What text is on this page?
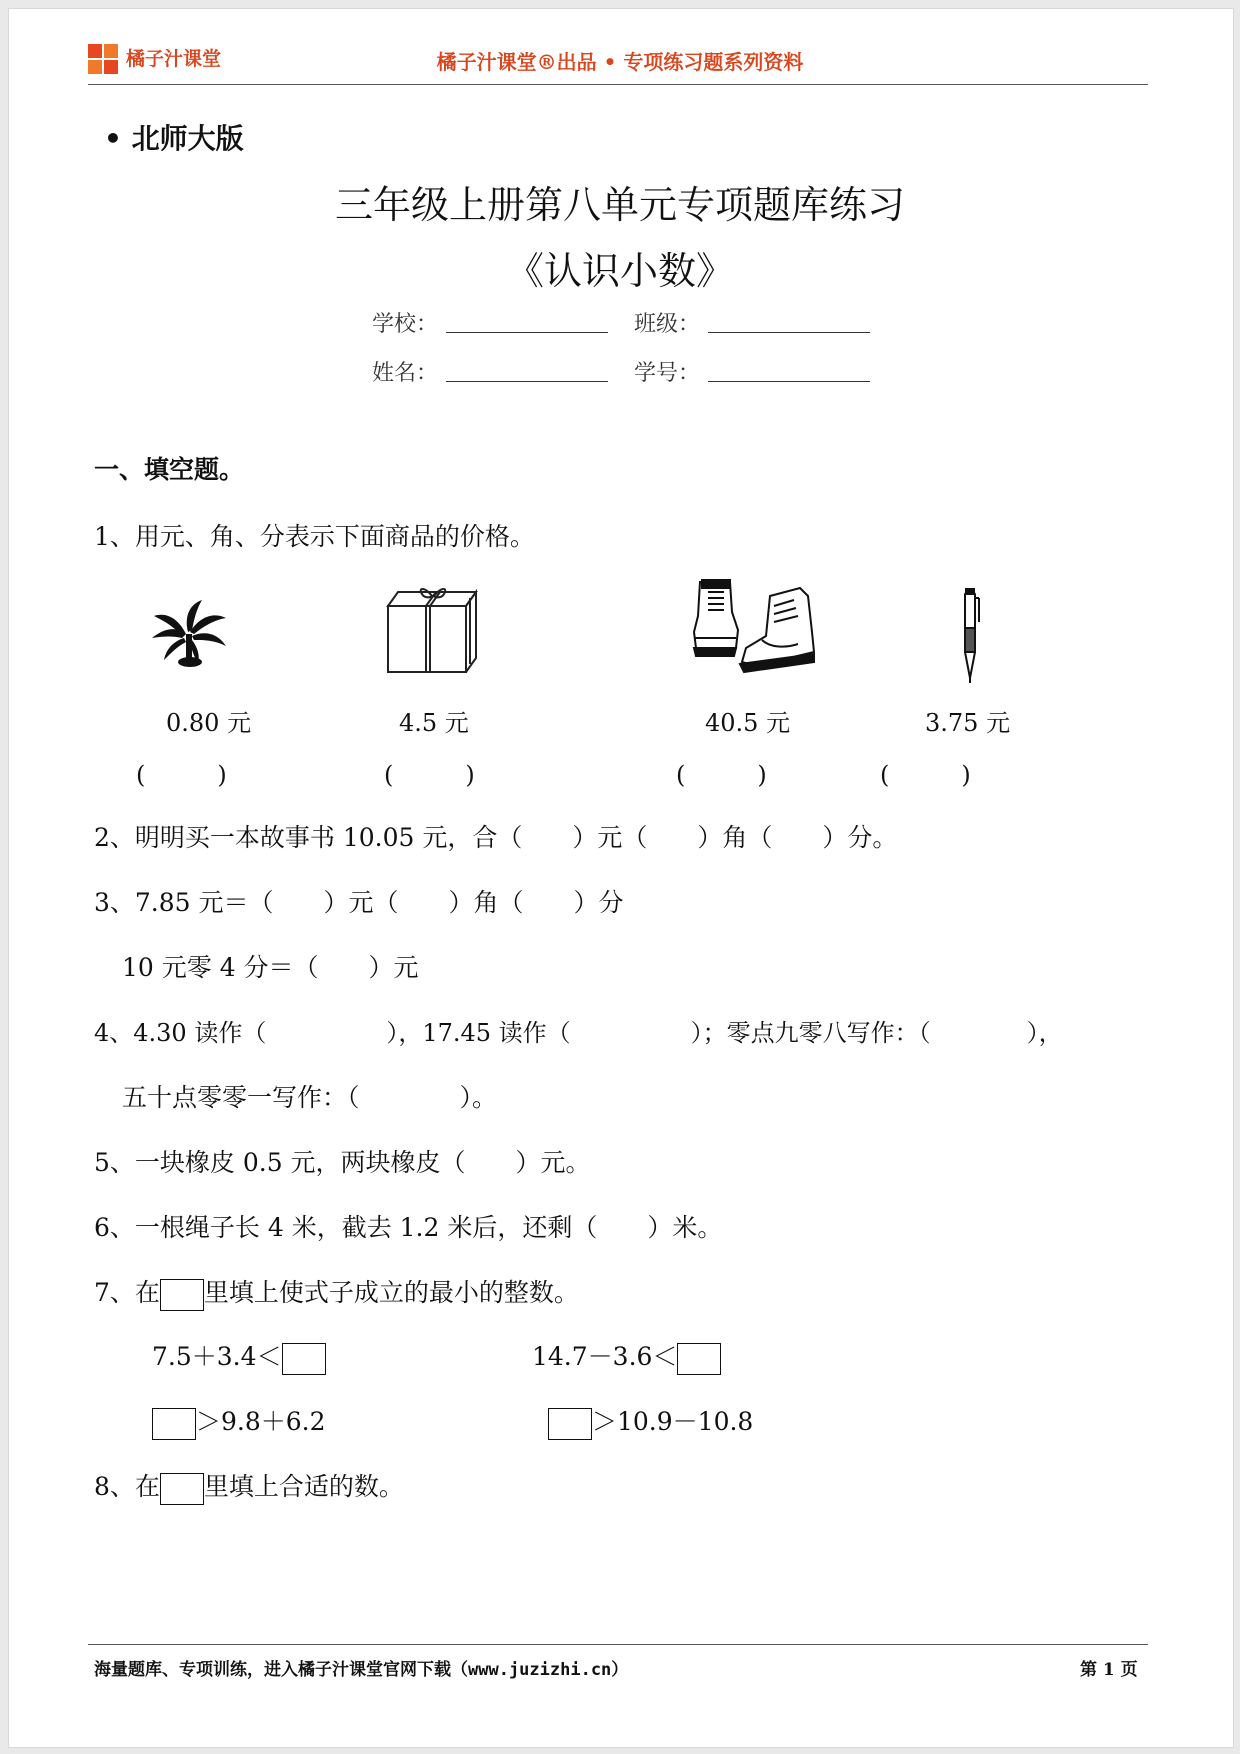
橘子汁课堂	橘子汁课堂®出品 • 专项练习题系列资料
• 北师大版
三年级上册第八单元专项题库练习
《认识小数》
学校：	班级：
姓名：	学号：
一、填空题。
1、用元、角、分表示下面商品的价格。
0.80 元	4.5 元	40.5 元	3.75 元
(　　　)	(　　　)	(　　　)	(　　　)
2、明明买一本故事书 10.05 元，合（　　）元（　　）角（　　）分。
3、7.85 元＝（　　）元（　　）角（　　）分
10 元零 4 分＝（　　）元
4、4.30 读作（　　　　　），17.45 读作（　　　　　）；零点九零八写作：（　　　　），
五十点零零一写作：（　　　　）。
5、一块橡皮 0.5 元，两块橡皮（　　）元。
6、一根绳子长 4 米，截去 1.2 米后，还剩（　　）米。
7、在 里填上使式子成立的最小的整数。
7.5＋3.4＜	14.7－3.6＜
＞9.8＋6.2	＞10.9－10.8
8、在 里填上合适的数。
海量题库、专项训练，进入橘子汁课堂官网下载（www.juzizhi.cn）	第 1 页
